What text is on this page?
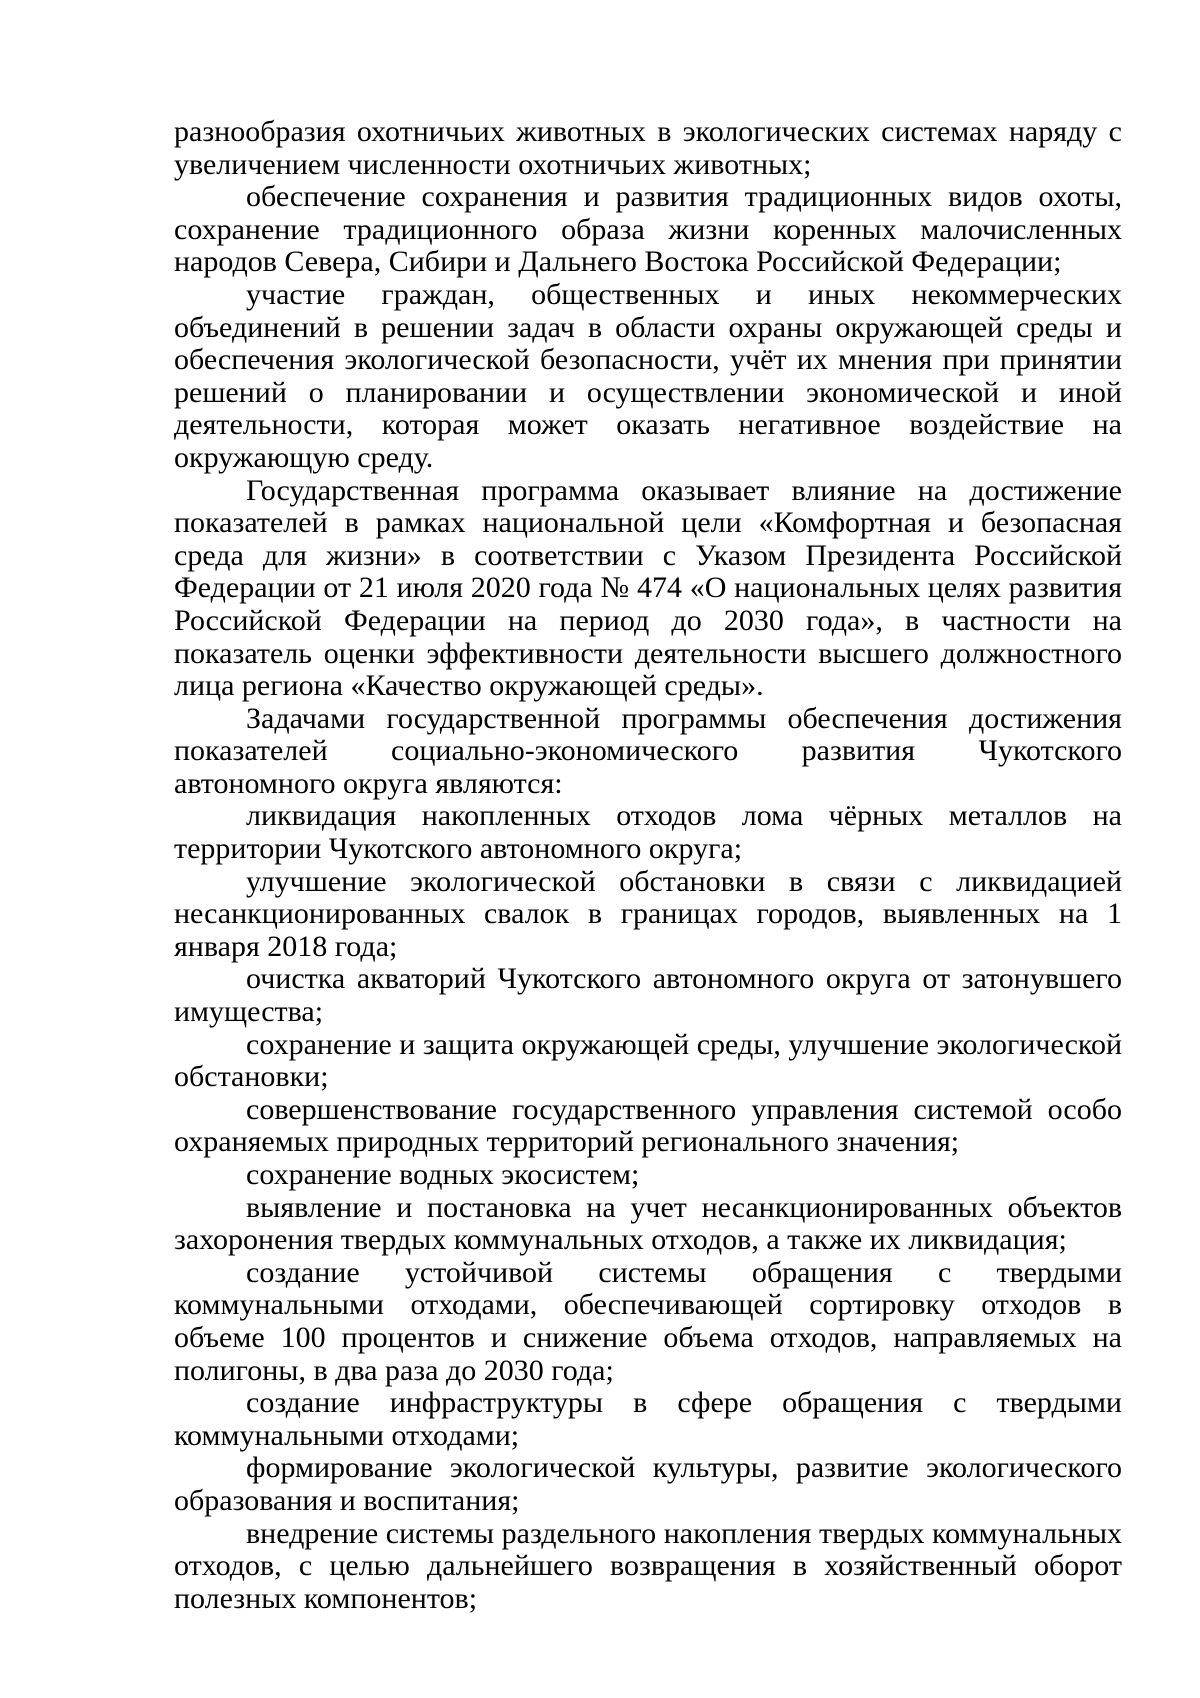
разнообразия охотничьих животных в экологических системах наряду с увеличением численности охотничьих животных;

обеспечение сохранения и развития традиционных видов охоты, сохранение традиционного образа жизни коренных малочисленных народов Севера, Сибири и Дальнего Востока Российской Федерации;

участие граждан, общественных и иных некоммерческих объединений в решении задач в области охраны окружающей среды и обеспечения экологической безопасности, учёт их мнения при принятии решений о планировании и осуществлении экономической и иной деятельности, которая может оказать негативное воздействие на окружающую среду.

Государственная программа оказывает влияние на достижение показателей в рамках национальной цели «Комфортная и безопасная среда для жизни» в соответствии с Указом Президента Российской Федерации от 21 июля 2020 года № 474 «О национальных целях развития Российской Федерации на период до 2030 года», в частности на показатель оценки эффективности деятельности высшего должностного лица региона «Качество окружающей среды».

Задачами государственной программы обеспечения достижения показателей социально-экономического развития Чукотского автономного округа являются:

ликвидация накопленных отходов лома чёрных металлов на территории Чукотского автономного округа;

улучшение экологической обстановки в связи с ликвидацией несанкционированных свалок в границах городов, выявленных на 1 января 2018 года;

очистка акваторий Чукотского автономного округа от затонувшего имущества;

сохранение и защита окружающей среды, улучшение экологической обстановки;

совершенствование государственного управления системой особо охраняемых природных территорий регионального значения;

сохранение водных экосистем;

выявление и постановка на учет несанкционированных объектов захоронения твердых коммунальных отходов, а также их ликвидация;

создание устойчивой системы обращения с твердыми коммунальными отходами, обеспечивающей сортировку отходов в объеме 100 процентов и снижение объема отходов, направляемых на полигоны, в два раза до 2030 года;

создание инфраструктуры в сфере обращения с твердыми коммунальными отходами;

формирование экологической культуры, развитие экологического образования и воспитания;

внедрение системы раздельного накопления твердых коммунальных отходов, с целью дальнейшего возвращения в хозяйственный оборот полезных компонентов;
